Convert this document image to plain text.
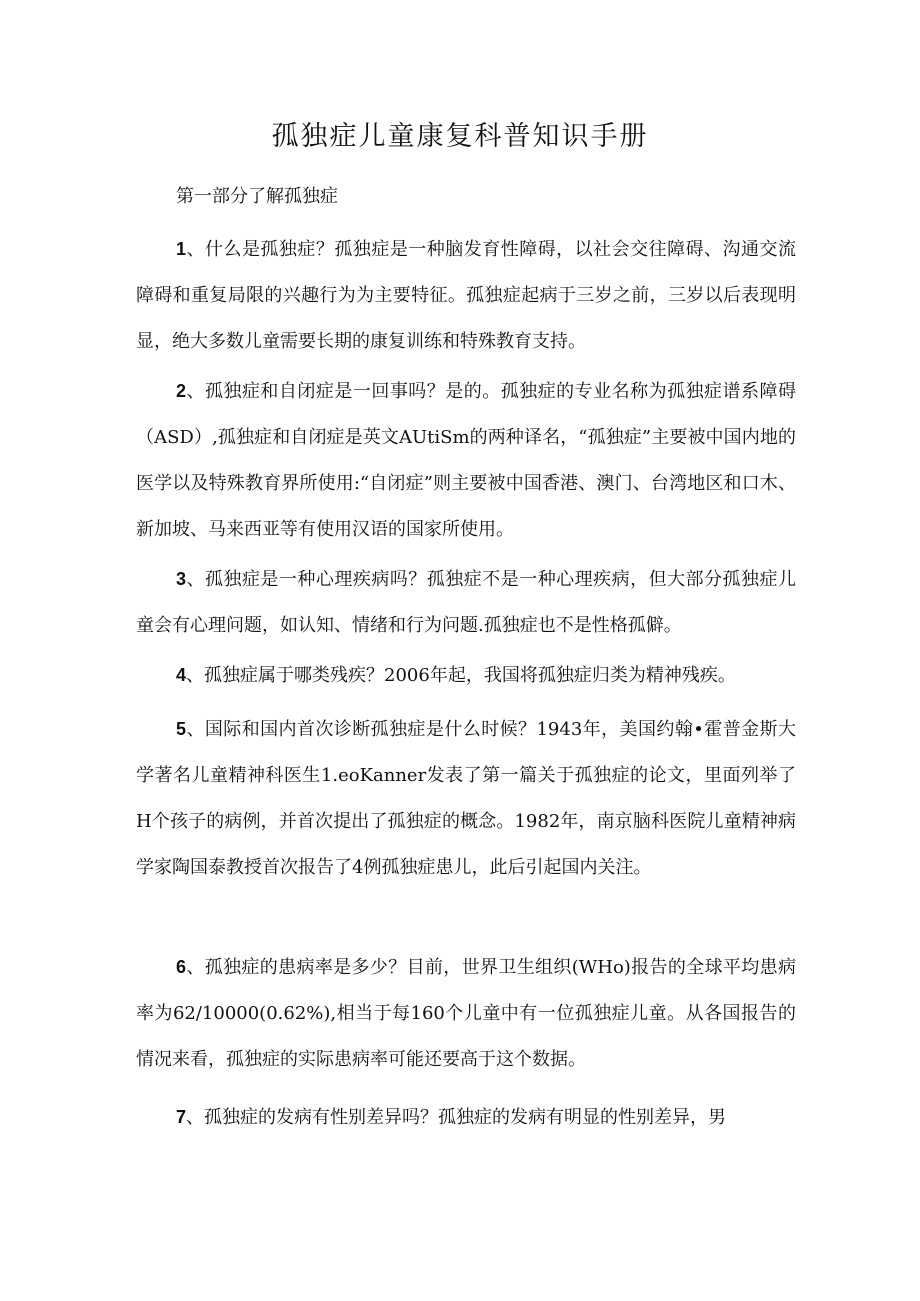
孤独症儿童康复科普知识手册
第一部分了解孤独症

1、什么是孤独症？孤独症是一种脑发育性障碍，以社会交往障碍、沟通交流障碍和重复局限的兴趣行为为主要特征。孤独症起病于三岁之前，三岁以后表现明显，绝大多数儿童需要长期的康复训练和特殊教育支持。

2、孤独症和自闭症是一回事吗？是的。孤独症的专业名称为孤独症谱系障碍（ASD）,孤独症和自闭症是英文AUtiSm的两种译名，“孤独症”主要被中国内地的医学以及特殊教育界所使用:“自闭症”则主要被中国香港、澳门、台湾地区和口木、新加坡、马来西亚等有使用汉语的国家所使用。

3、孤独症是一种心理疾病吗？孤独症不是一种心理疾病，但大部分孤独症儿童会有心理问题，如认知、情绪和行为问题.孤独症也不是性格孤僻。

4、孤独症属于哪类残疾？2006年起，我国将孤独症归类为精神残疾。

5、国际和国内首次诊断孤独症是什么时候？1943年，美国约翰•霍普金斯大学著名儿童精神科医生1.eoKanner发表了第一篇关于孤独症的论文，里面列举了H个孩子的病例，并首次提出了孤独症的概念。1982年，南京脑科医院儿童精神病学家陶国泰教授首次报告了4例孤独症患儿，此后引起国内关注。

6、孤独症的患病率是多少？目前，世界卫生组织(WHo)报告的全球平均患病率为62/10000(0.62%),相当于每160个儿童中有一位孤独症儿童。从各国报告的情况来看，孤独症的实际患病率可能还要高于这个数据。

7、孤独症的发病有性别差异吗？孤独症的发病有明显的性别差异，男
